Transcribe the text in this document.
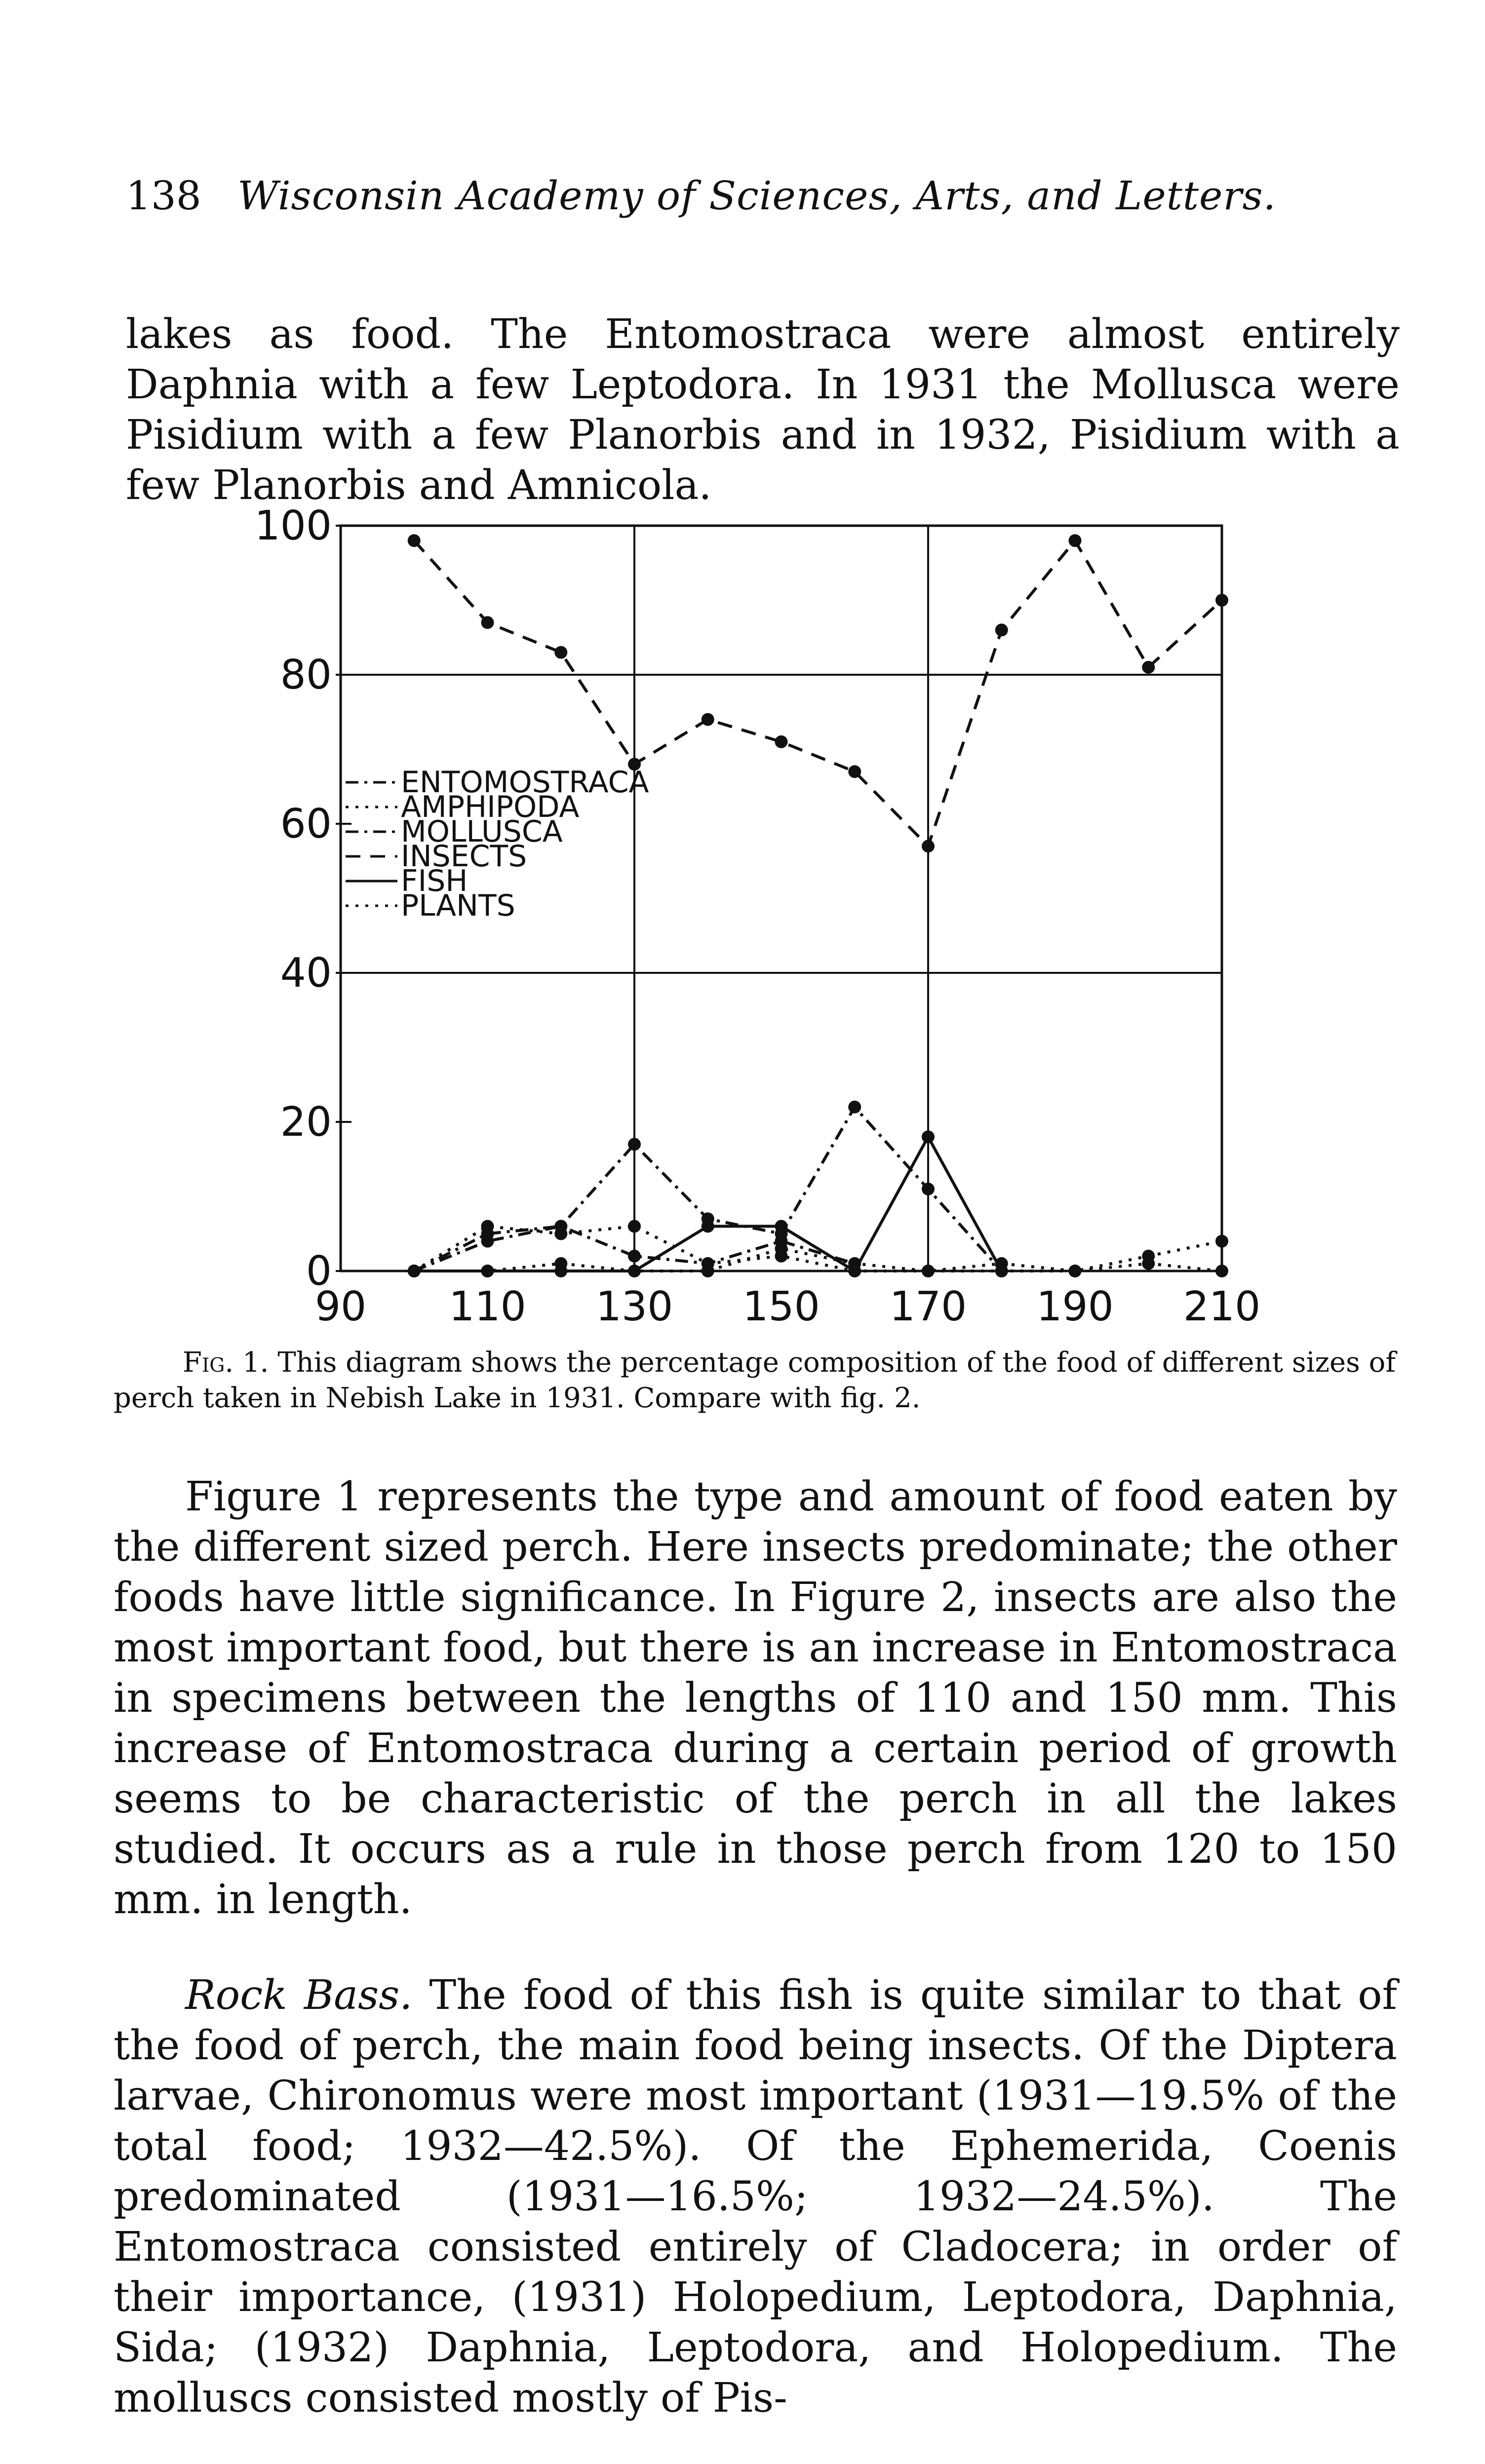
138 Wisconsin Academy of Sciences, Arts, and Letters.

lakes as food. The Entomostraca were almost entirely Daphnia with a few Leptodora. In 1931 the Mollusca were Pisidium with a few Planorbis and in 1932, Pisidium with a few Planorbis and Amnicola.

0
20
40
60
80
100
90 110 130 150 170 190 210
ENTOMOSTRACA
AMPHIPODA
MOLLUSCA
INSECTS
FISH
PLANTS
Fig. 1. This diagram shows the percentage composition of the food of different sizes of perch taken in Nebish Lake in 1931. Compare with fig. 2.

Figure 1 represents the type and amount of food eaten by the different sized perch. Here insects predominate; the other foods have little significance. In Figure 2, insects are also the most important food, but there is an increase in Entomostraca in specimens between the lengths of 110 and 150 mm. This increase of Entomostraca during a certain period of growth seems to be characteristic of the perch in all the lakes studied. It occurs as a rule in those perch from 120 to 150 mm. in length.

Rock Bass. The food of this fish is quite similar to that of the food of perch, the main food being insects. Of the Diptera larvae, Chironomus were most important (1931—19.5% of the total food; 1932—42.5%). Of the Ephemerida, Coenis predominated (1931—16.5%; 1932—24.5%). The Entomostraca consisted entirely of Cladocera; in order of their importance, (1931) Holopedium, Leptodora, Daphnia, Sida; (1932) Daphnia, Leptodora, and Holopedium. The molluscs consisted mostly of Pis-
